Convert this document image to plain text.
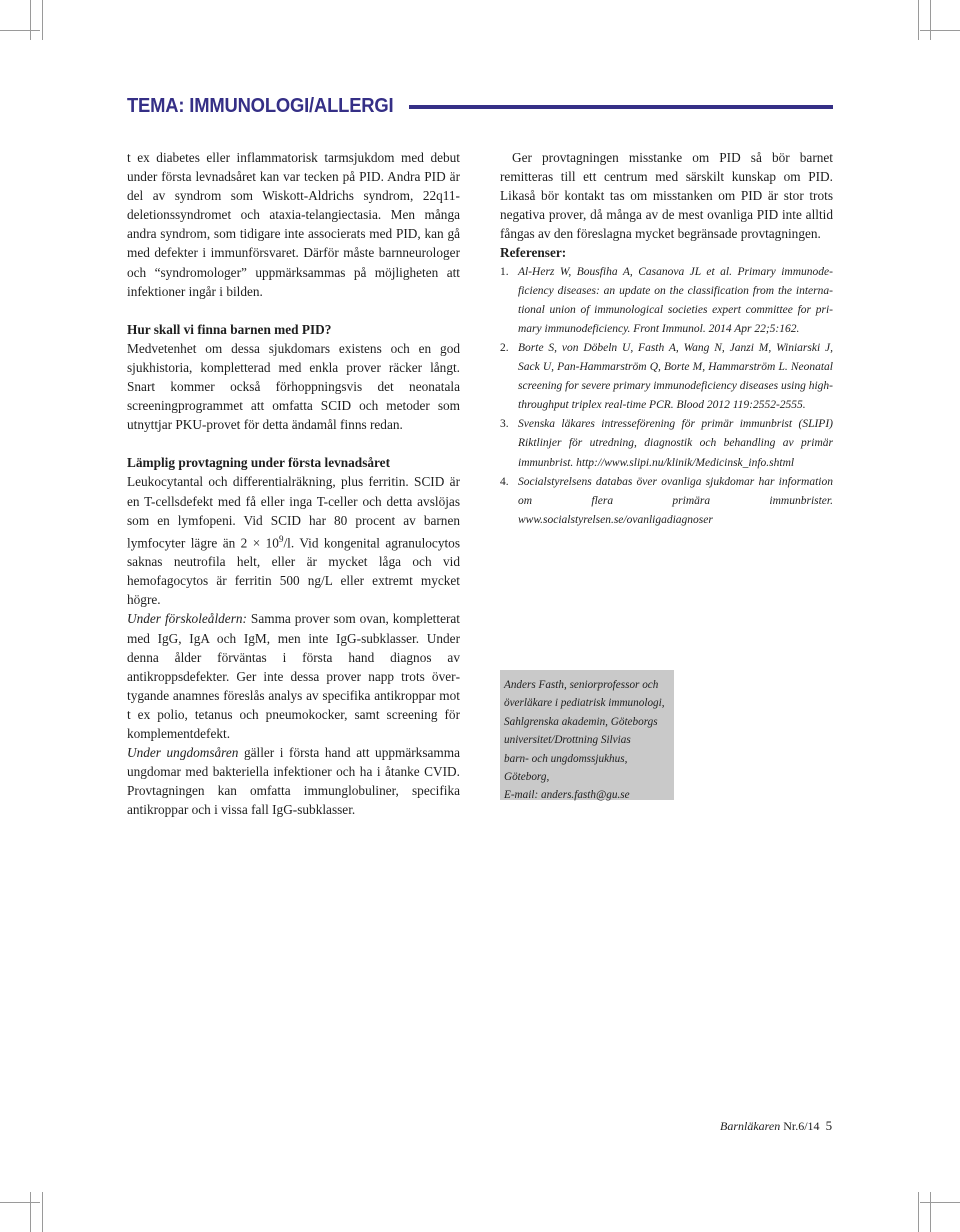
TEMA: IMMUNOLOGI/ALLERGI

t ex diabetes eller inflammatorisk tarmsjukdom med debut under första levnadsåret kan var tecken på PID. Andra PID är del av syndrom som Wiskott-Aldrichs syndrom, 22q11-deletionssyndromet och ataxia-telangiectasia. Men många andra syndrom, som tidigare inte associerats med PID, kan gå med defekter i immunförsvaret. Därför måste barnneurologer och “syndromologer” uppmärksammas på möjligheten att infektioner ingår i bilden.

Hur skall vi finna barnen med PID?

Medvetenhet om dessa sjukdomars existens och en god sjukhistoria, kompletterad med enkla prover räcker långt. Snart kommer också förhoppningsvis det neonatala screeningprogrammet att omfatta SCID och metoder som utnyttjar PKU-provet för detta ändamål finns redan.

Lämplig provtagning under första levnadsåret

Leukocytantal och differentialräkning, plus ferritin. SCID är en T-cellsdefekt med få eller inga T-celler och detta avslöjas som en lymfopeni. Vid SCID har 80 procent av barnen lymfocyter lägre än $2 \times 10^9/l$. Vid kongenital agranulocytos saknas neutrofila helt, eller är mycket låga och vid hemofagocytos är ferritin 500 ng/L eller extremt mycket högre.

Under förskoleåldern: Samma prover som ovan, kompletterat med IgG, IgA och IgM, men inte IgG-subklasser. Under denna ålder förväntas i första hand diagnos av antikroppsdefekter. Ger inte dessa prover napp trots övertygande anamnes föreslås analys av specifika antikroppar mot t ex polio, tetanus och pneumokocker, samt screening för komplementdefekt.

Under ungdomsåren gäller i första hand att uppmärksamma ungdomar med bakteriella infektioner och ha i åtanke CVID. Provtagningen kan omfatta immunglobuliner, specifika antikroppar och i vissa fall IgG-subklasser.

Ger provtagningen misstanke om PID så bör barnet remitteras till ett centrum med särskilt kunskap om PID. Likaså bör kontakt tas om misstanken om PID är stor trots negativa prover, då många av de mest ovanliga PID inte alltid fångas av den föreslagna mycket begränsade provtagningen.

Referenser:

1. Al-Herz W, Bousfiha A, Casanova JL et al. Primary immunodeficiency diseases: an update on the classification from the international union of immunological societies expert committee for primary immunodeficiency. Front Immunol. 2014 Apr 22;5:162.
2. Borte S, von Döbeln U, Fasth A, Wang N, Janzi M, Winiarski J, Sack U, Pan-Hammarström Q, Borte M, Hammarström L. Neonatal screening for severe primary immunodeficiency diseases using high-throughput triplex real-time PCR. Blood 2012 119:2552-2555.
3. Svenska läkares intresseförening för primär immunbrist (SLIPI) Riktlinjer för utredning, diagnostik och behandling av primär immunbrist. http://www.slipi.nu/klinik/Medicinsk_info.shtml
4. Socialstyrelsens databas över ovanliga sjukdomar har information om flera primära immunbrister. www.socialstyrelsen.se/ovanligadiagnoser
Anders Fasth, seniorprofessor och
överläkare i pediatrisk immunologi,
Sahlgrenska akademin, Göteborgs
universitet/Drottning Silvias
barn- och ungdomssjukhus,
Göteborg,
E-mail: anders.fasth@gu.se
Barnläkaren Nr.6/14 5
